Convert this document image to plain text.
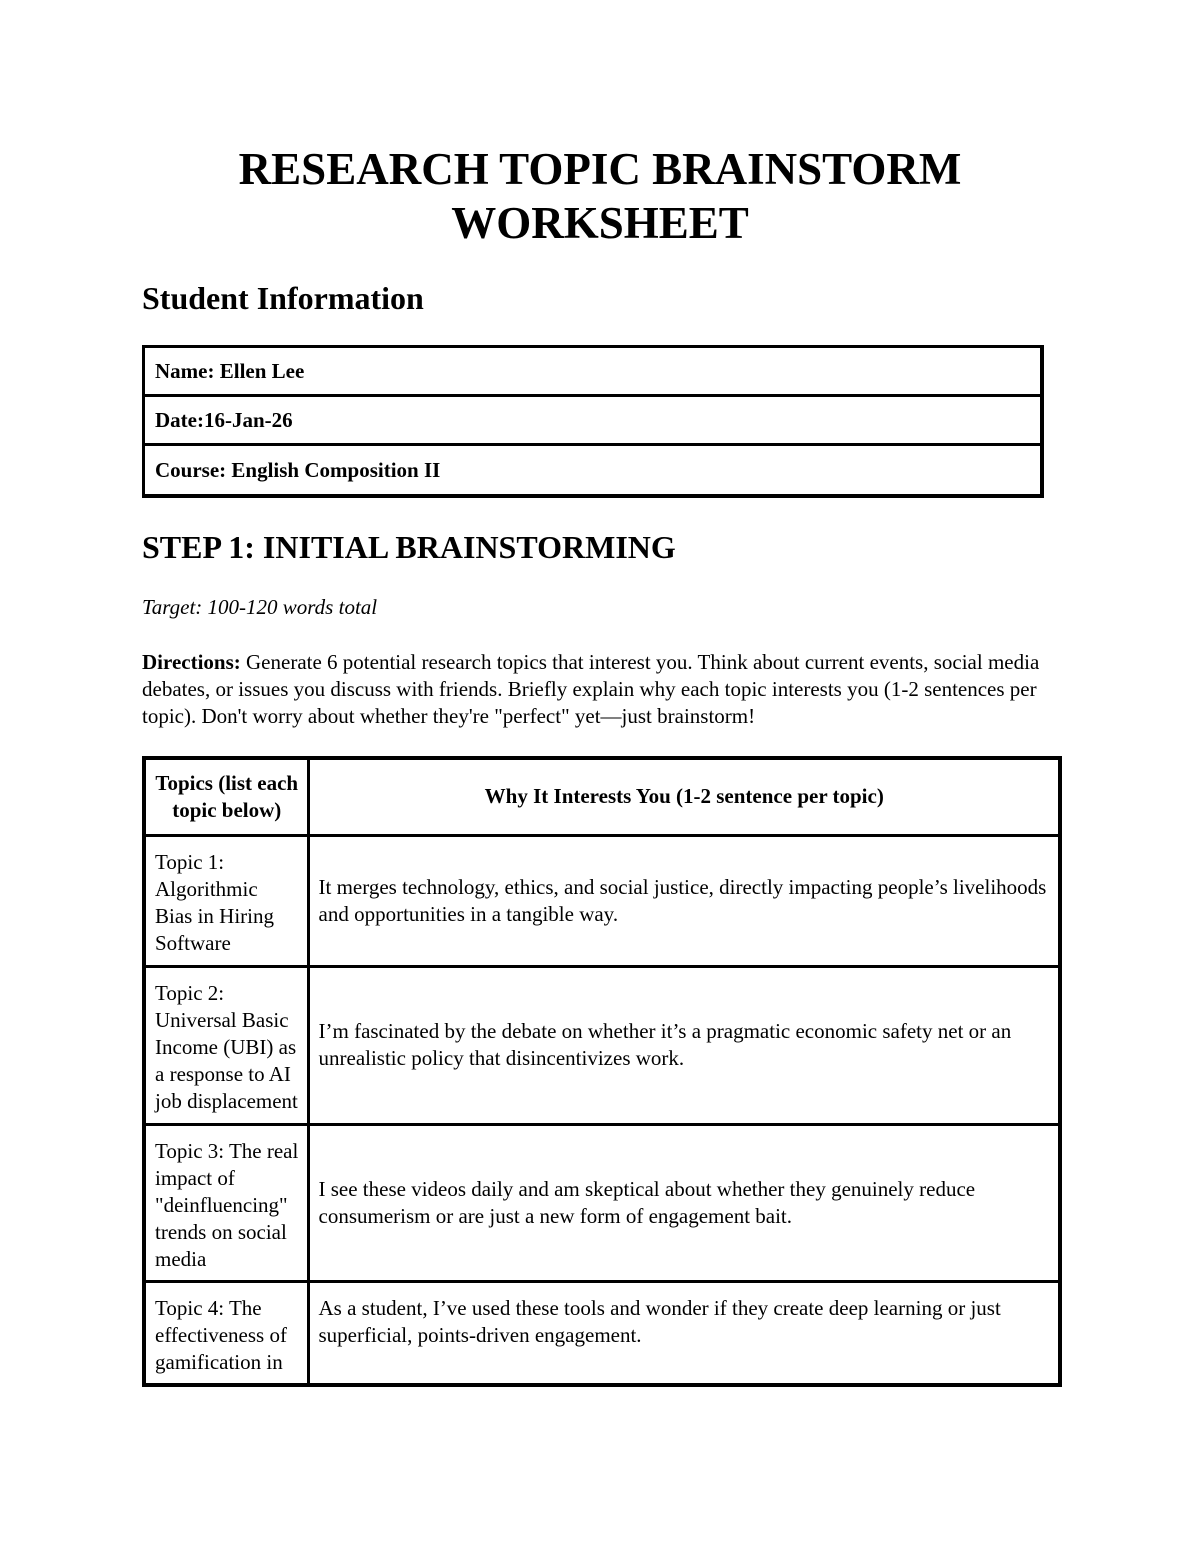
RESEARCH TOPIC BRAINSTORM
WORKSHEET
Student Information
Name: Ellen Lee
Date:16-Jan-26
Course: English Composition II
STEP 1: INITIAL BRAINSTORMING
Target: 100-120 words total

Directions: Generate 6 potential research topics that interest you. Think about current events, social media debates, or issues you discuss with friends. Briefly explain why each topic interests you (1-2 sentences per topic). Don't worry about whether they're "perfect" yet—just brainstorm!

Topics (list each topic below)	Why It Interests You (1-2 sentence per topic)
Topic 1: Algorithmic Bias in Hiring Software	It merges technology, ethics, and social justice, directly impacting people’s livelihoods and opportunities in a tangible way.
Topic 2: Universal Basic Income (UBI) as a response to AI job displacement	I’m fascinated by the debate on whether it’s a pragmatic economic safety net or an unrealistic policy that disincentivizes work.
Topic 3: The real impact of "deinfluencing" trends on social media	I see these videos daily and am skeptical about whether they genuinely reduce consumerism or are just a new form of engagement bait.
Topic 4: The effectiveness of gamification in	As a student, I’ve used these tools and wonder if they create deep learning or just superficial, points-driven engagement.
